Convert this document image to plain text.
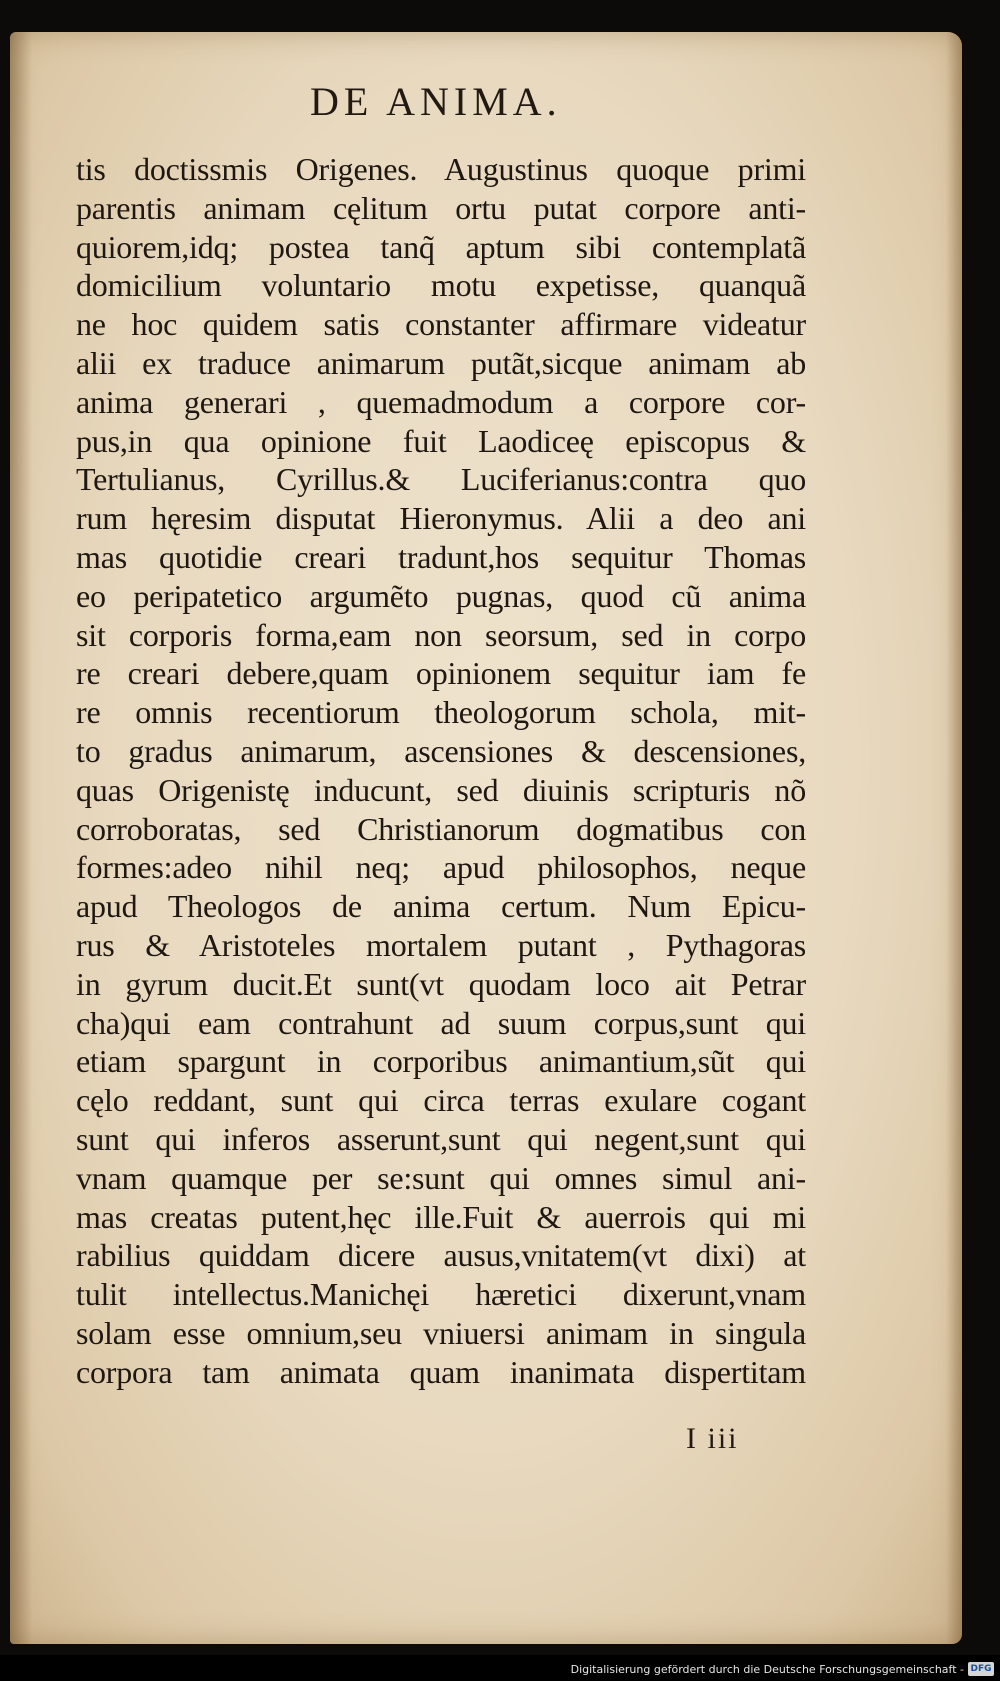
DE ANIMA.
tis doctissmis Origenes. Augustinus quoque primi
parentis animam cęlitum ortu putat corpore anti-
quiorem,idq; postea tanq̃ aptum sibi contemplatã
domicilium voluntario motu expetisse, quanquã
ne hoc quidem satis constanter affirmare videatur
alii ex traduce animarum putãt,sicque animam ab
anima generari , quemadmodum a corpore cor-
pus,in qua opinione fuit Laodiceę episcopus &
Tertulianus, Cyrillus.& Luciferianus:contra quo
rum hęresim disputat Hieronymus. Alii a deo ani
mas quotidie creari tradunt,hos sequitur Thomas
eo peripatetico argumẽto pugnas, quod cũ anima
sit corporis forma,eam non seorsum, sed in corpo
re creari debere,quam opinionem sequitur iam fe
re omnis recentiorum theologorum schola, mit-
to gradus animarum, ascensiones & descensiones,
quas Origenistę inducunt, sed diuinis scripturis nõ
corroboratas, sed Christianorum dogmatibus con
formes:adeo nihil neq; apud philosophos, neque
apud Theologos de anima certum. Num Epicu-
rus & Aristoteles mortalem putant , Pythagoras
in gyrum ducit.Et sunt(vt quodam loco ait Petrar
cha)qui eam contrahunt ad suum corpus,sunt qui
etiam spargunt in corporibus animantium,sũt qui
cęlo reddant, sunt qui circa terras exulare cogant
sunt qui inferos asserunt,sunt qui negent,sunt qui
vnam quamque per se:sunt qui omnes simul ani-
mas creatas putent,hęc ille.Fuit & auerrois qui mi
rabilius quiddam dicere ausus,vnitatem(vt dixi) at
tulit intellectus.Manichęi hæretici dixerunt,vnam
solam esse omnium,seu vniuersi animam in singula
corpora tam animata quam inanimata dispertitam
I iii
Digitalisierung gefördert durch die Deutsche Forschungsgemeinschaft - DFG
